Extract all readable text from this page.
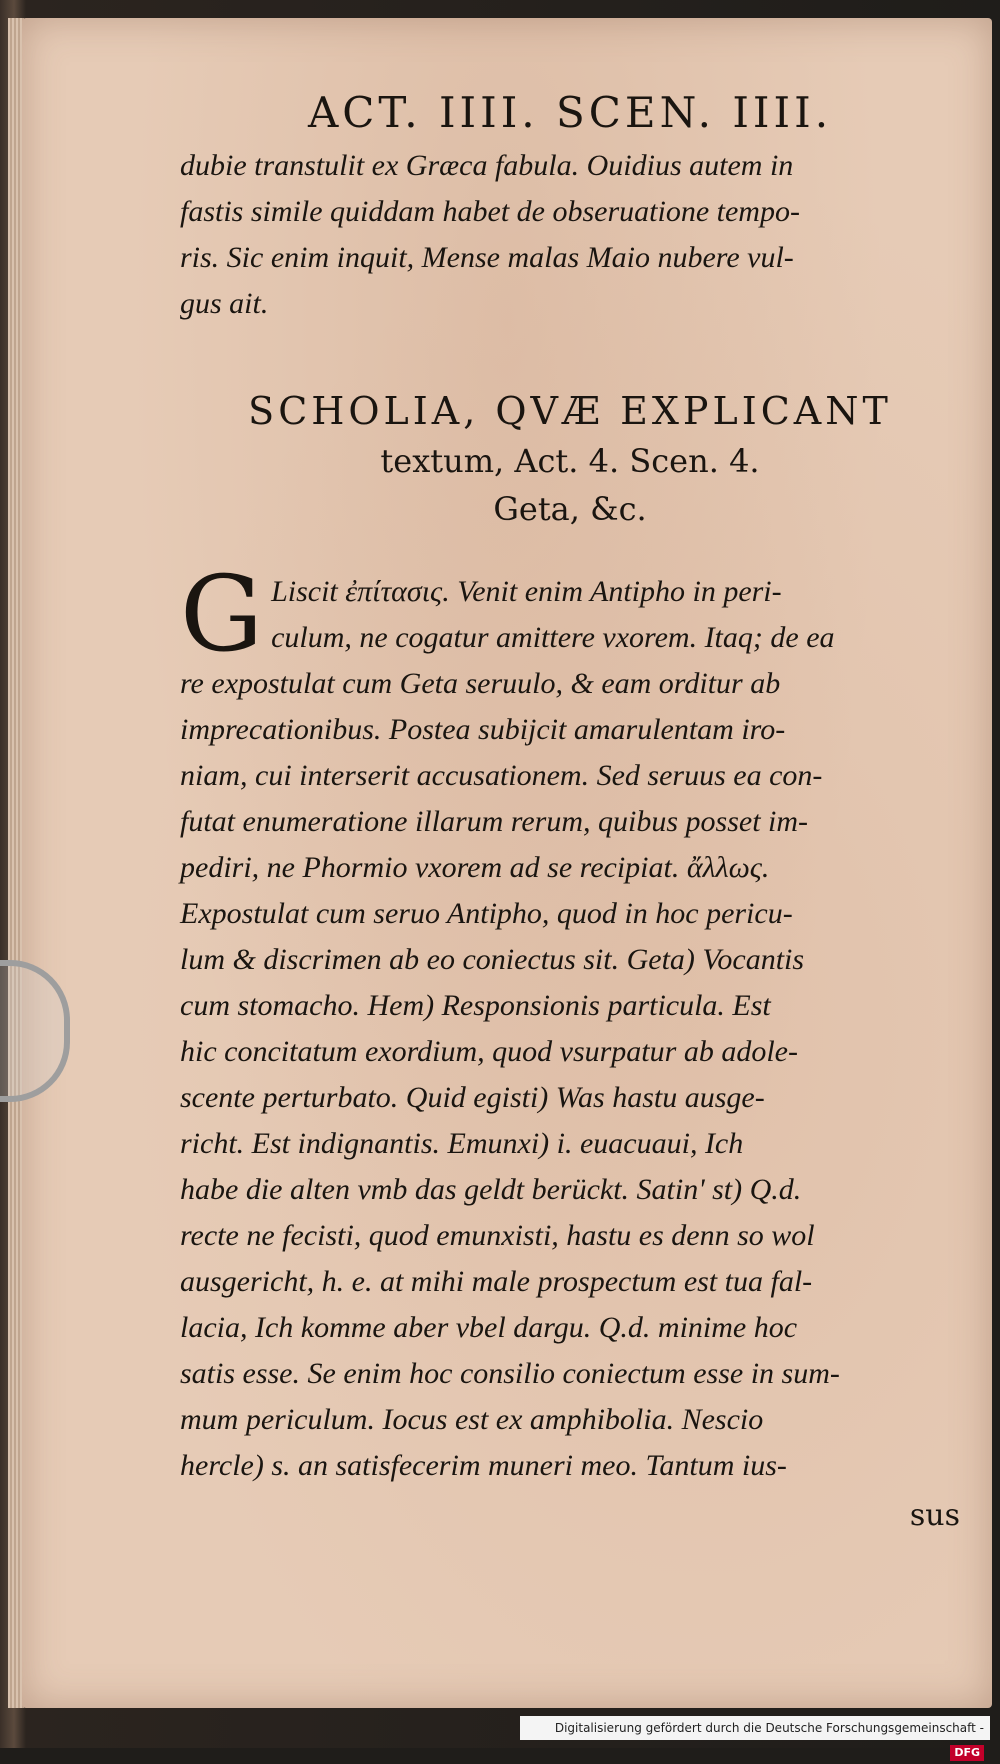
ACT. IIII. SCEN. IIII.
dubie transtulit ex Græca fabula. Ouidius autem in
fastis simile quiddam habet de obseruatione tempo-
ris. Sic enim inquit, Mense malas Maio nubere vul-
gus ait.
SCHOLIA, QVÆ EXPLICANT
textum, Act. 4. Scen. 4.
Geta, &c.
G Liscit ἐπίτασις. Venit enim Antipho in peri-
culum, ne cogatur amittere vxorem. Itaq; de ea
re expostulat cum Geta seruulo, & eam orditur ab
imprecationibus. Postea subijcit amarulentam iro-
niam, cui interserit accusationem. Sed seruus ea con-
futat enumeratione illarum rerum, quibus posset im-
pediri, ne Phormio vxorem ad se recipiat. ἄλλως.
Expostulat cum seruo Antipho, quod in hoc pericu-
lum & discrimen ab eo coniectus sit. Geta) Vocantis
cum stomacho. Hem) Responsionis particula. Est
hic concitatum exordium, quod vsurpatur ab adole-
scente perturbato. Quid egisti) Was hastu ausge-
richt. Est indignantis. Emunxi) i. euacuaui, Ich
habe die alten vmb das geldt berückt. Satin' st) Q.d.
recte ne fecisti, quod emunxisti, hastu es denn so wol
ausgericht, h. e. at mihi male prospectum est tua fal-
lacia, Ich komme aber vbel dargu. Q.d. minime hoc
satis esse. Se enim hoc consilio coniectum esse in sum-
mum periculum. Iocus est ex amphibolia. Nescio
hercle) s. an satisfecerim muneri meo. Tantum ius-
sus
Digitalisierung gefördert durch die Deutsche Forschungsgemeinschaft - DFG
